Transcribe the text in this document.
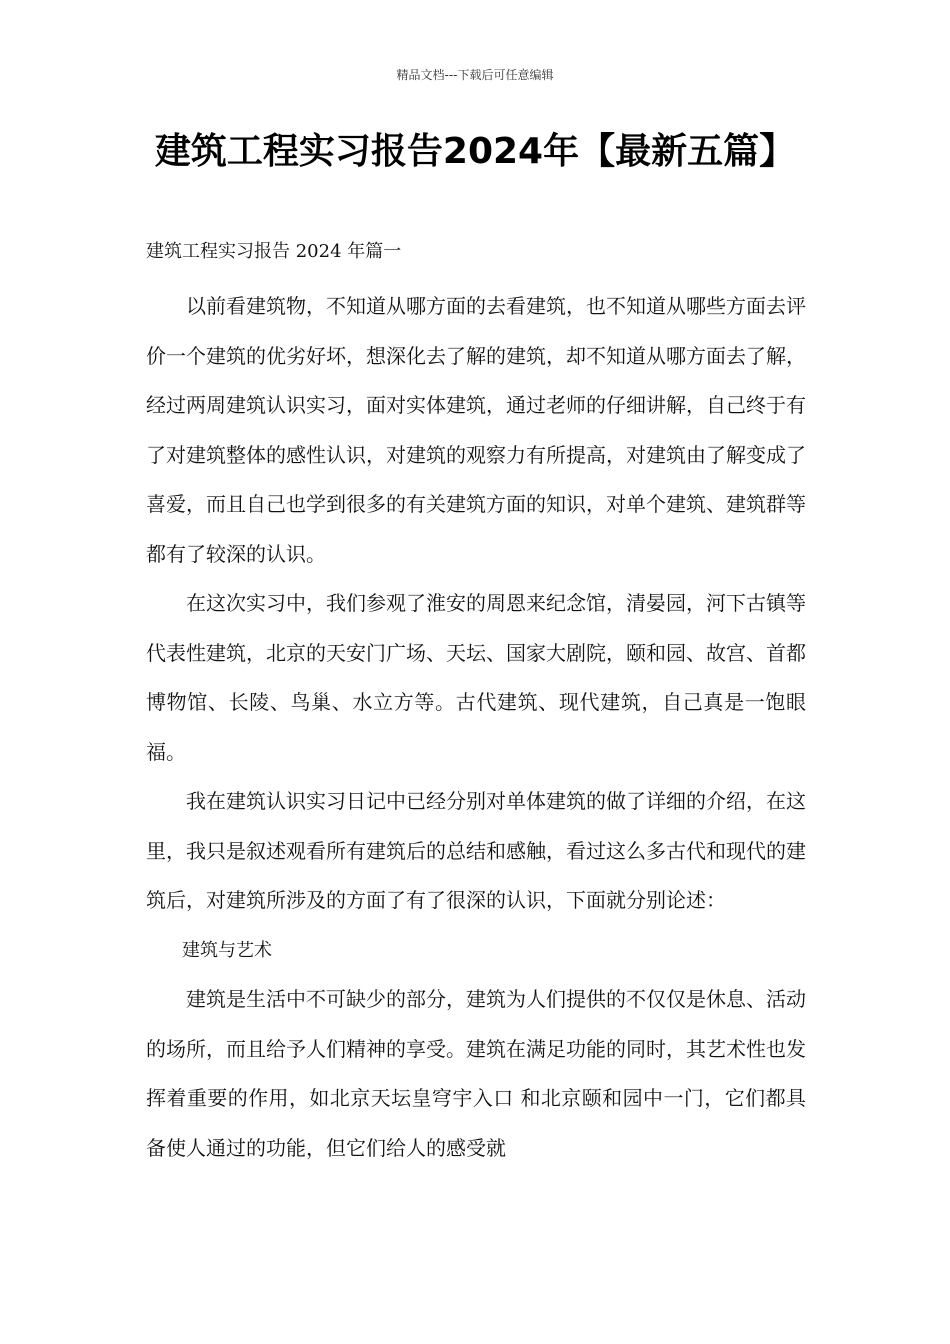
精品文档---下载后可任意编辑
建筑工程实习报告2024年【最新五篇】
建筑工程实习报告 2024 年篇一

以前看建筑物，不知道从哪方面的去看建筑，也不知道从哪些方面去评价一个建筑的优劣好坏，想深化去了解的建筑，却不知道从哪方面去了解，经过两周建筑认识实习，面对实体建筑，通过老师的仔细讲解，自己终于有了对建筑整体的感性认识，对建筑的观察力有所提高，对建筑由了解变成了喜爱，而且自己也学到很多的有关建筑方面的知识，对单个建筑、建筑群等都有了较深的认识。

在这次实习中，我们参观了淮安的周恩来纪念馆，清晏园，河下古镇等代表性建筑，北京的天安门广场、天坛、国家大剧院，颐和园、故宫、首都博物馆、长陵、鸟巢、水立方等。古代建筑、现代建筑，自己真是一饱眼福。

我在建筑认识实习日记中已经分别对单体建筑的做了详细的介绍，在这里，我只是叙述观看所有建筑后的总结和感触，看过这么多古代和现代的建筑后，对建筑所涉及的方面了有了很深的认识，下面就分别论述：

建筑与艺术

建筑是生活中不可缺少的部分，建筑为人们提供的不仅仅是休息、活动的场所，而且给予人们精神的享受。建筑在满足功能的同时，其艺术性也发挥着重要的作用，如北京天坛皇穹宇入口 和北京颐和园中一门，它们都具备使人通过的功能，但它们给人的感受就
